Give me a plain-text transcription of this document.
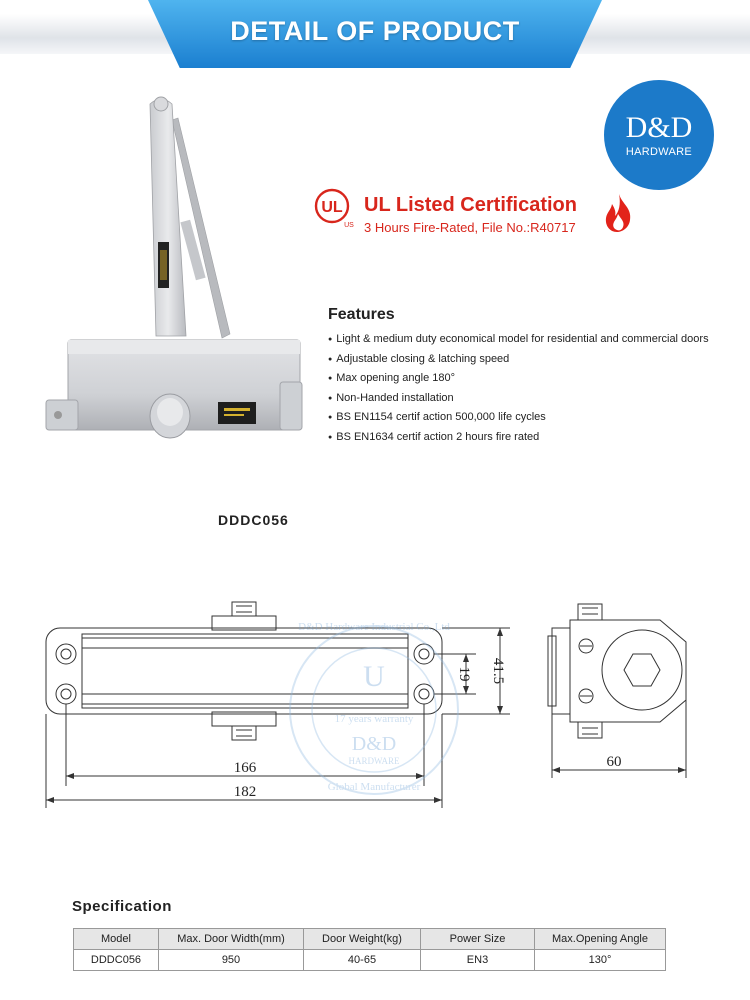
DETAIL OF PRODUCT
D&D
HARDWARE
UL
US
UL Listed Certification
3 Hours Fire-Rated, File No.:R40717
Features
● Light & medium duty economical model for residential and commercial doors
● Adjustable closing & latching speed
● Max opening angle 180°
● Non-Handed installation
● BS EN1154 certif action 500,000 life cycles
● BS EN1634 certif action 2 hours fire rated
DDDC056
D&D Hardware Industrial Co.,Ltd
U
17 years warranty
D&D
HARDWARE
Global Manufacturer
166
182
19 41.5
60
Specification
Model	Max. Door Width(mm)	Door Weight(kg)	Power Size	Max.Opening Angle
DDDC056	950	40-65	EN3	130°
